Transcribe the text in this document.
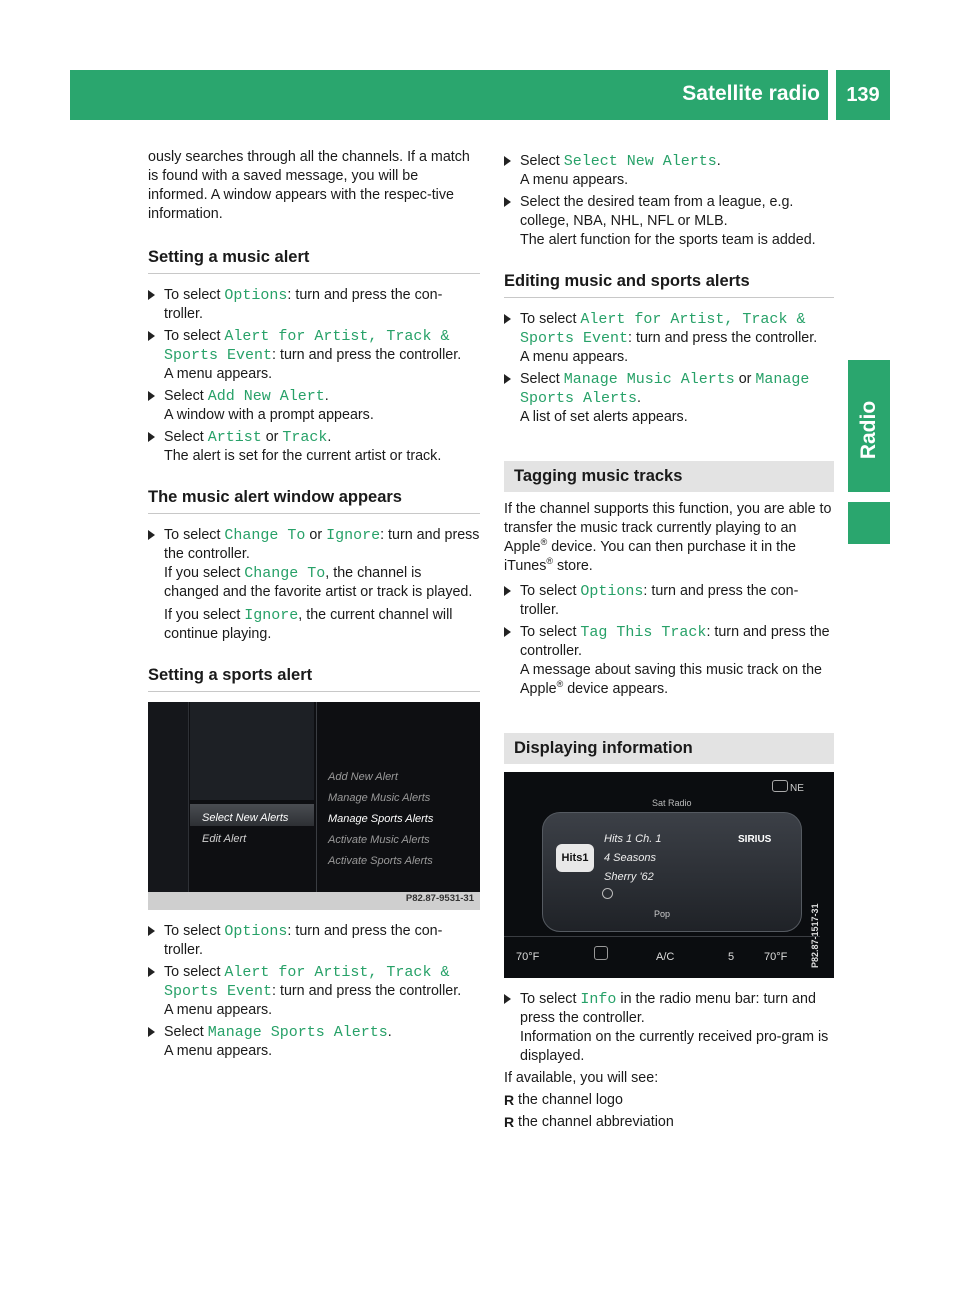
Satellite radio	139
Radio

ously searches through all the channels. If a match is found with a saved message, you will be informed. A window appears with the respec-tive information.

Setting a music alert
To select Options: turn and press the con-troller.
To select Alert for Artist, Track & Sports Event: turn and press the controller.

A menu appears.

Select Add New Alert.

A window with a prompt appears.

Select Artist or Track.

The alert is set for the current artist or track.

The music alert window appears
To select Change To or Ignore: turn and press the controller.

If you select Change To, the channel is changed and the favorite artist or track is played.

If you select Ignore, the current channel will continue playing.

Setting a sports alert
Select New Alerts
Edit Alert
Add New Alert
Manage Music Alerts
Manage Sports Alerts
Activate Music Alerts
Activate Sports Alerts
P82.87-9531-31
To select Options: turn and press the con-troller.
To select Alert for Artist, Track & Sports Event: turn and press the controller.

A menu appears.

Select Manage Sports Alerts.

A menu appears.

Select Select New Alerts.

A menu appears.

Select the desired team from a league, e.g. college, NBA, NHL, NFL or MLB.

The alert function for the sports team is added.

Editing music and sports alerts
To select Alert for Artist, Track & Sports Event: turn and press the controller.

A menu appears.

Select Manage Music Alerts or Manage Sports Alerts.

A list of set alerts appears.

Tagging music tracks

If the channel supports this function, you are able to transfer the music track currently playing to an Apple® device. You can then purchase it in the iTunes® store.

To select Options: turn and press the con-troller.
To select Tag This Track: turn and press the controller.

A message about saving this music track on the Apple® device appears.

Displaying information
NE
Sat Radio
Hits1
Hits 1 Ch. 1
4 Seasons
Sherry '62
SIRIUS
Pop
70°F	A/C	5	70°F	P82.87-1517-31
To select Info in the radio menu bar: turn and press the controller.

Information on the currently received pro-gram is displayed.

If available, you will see:

R the channel logo
R the channel abbreviation
